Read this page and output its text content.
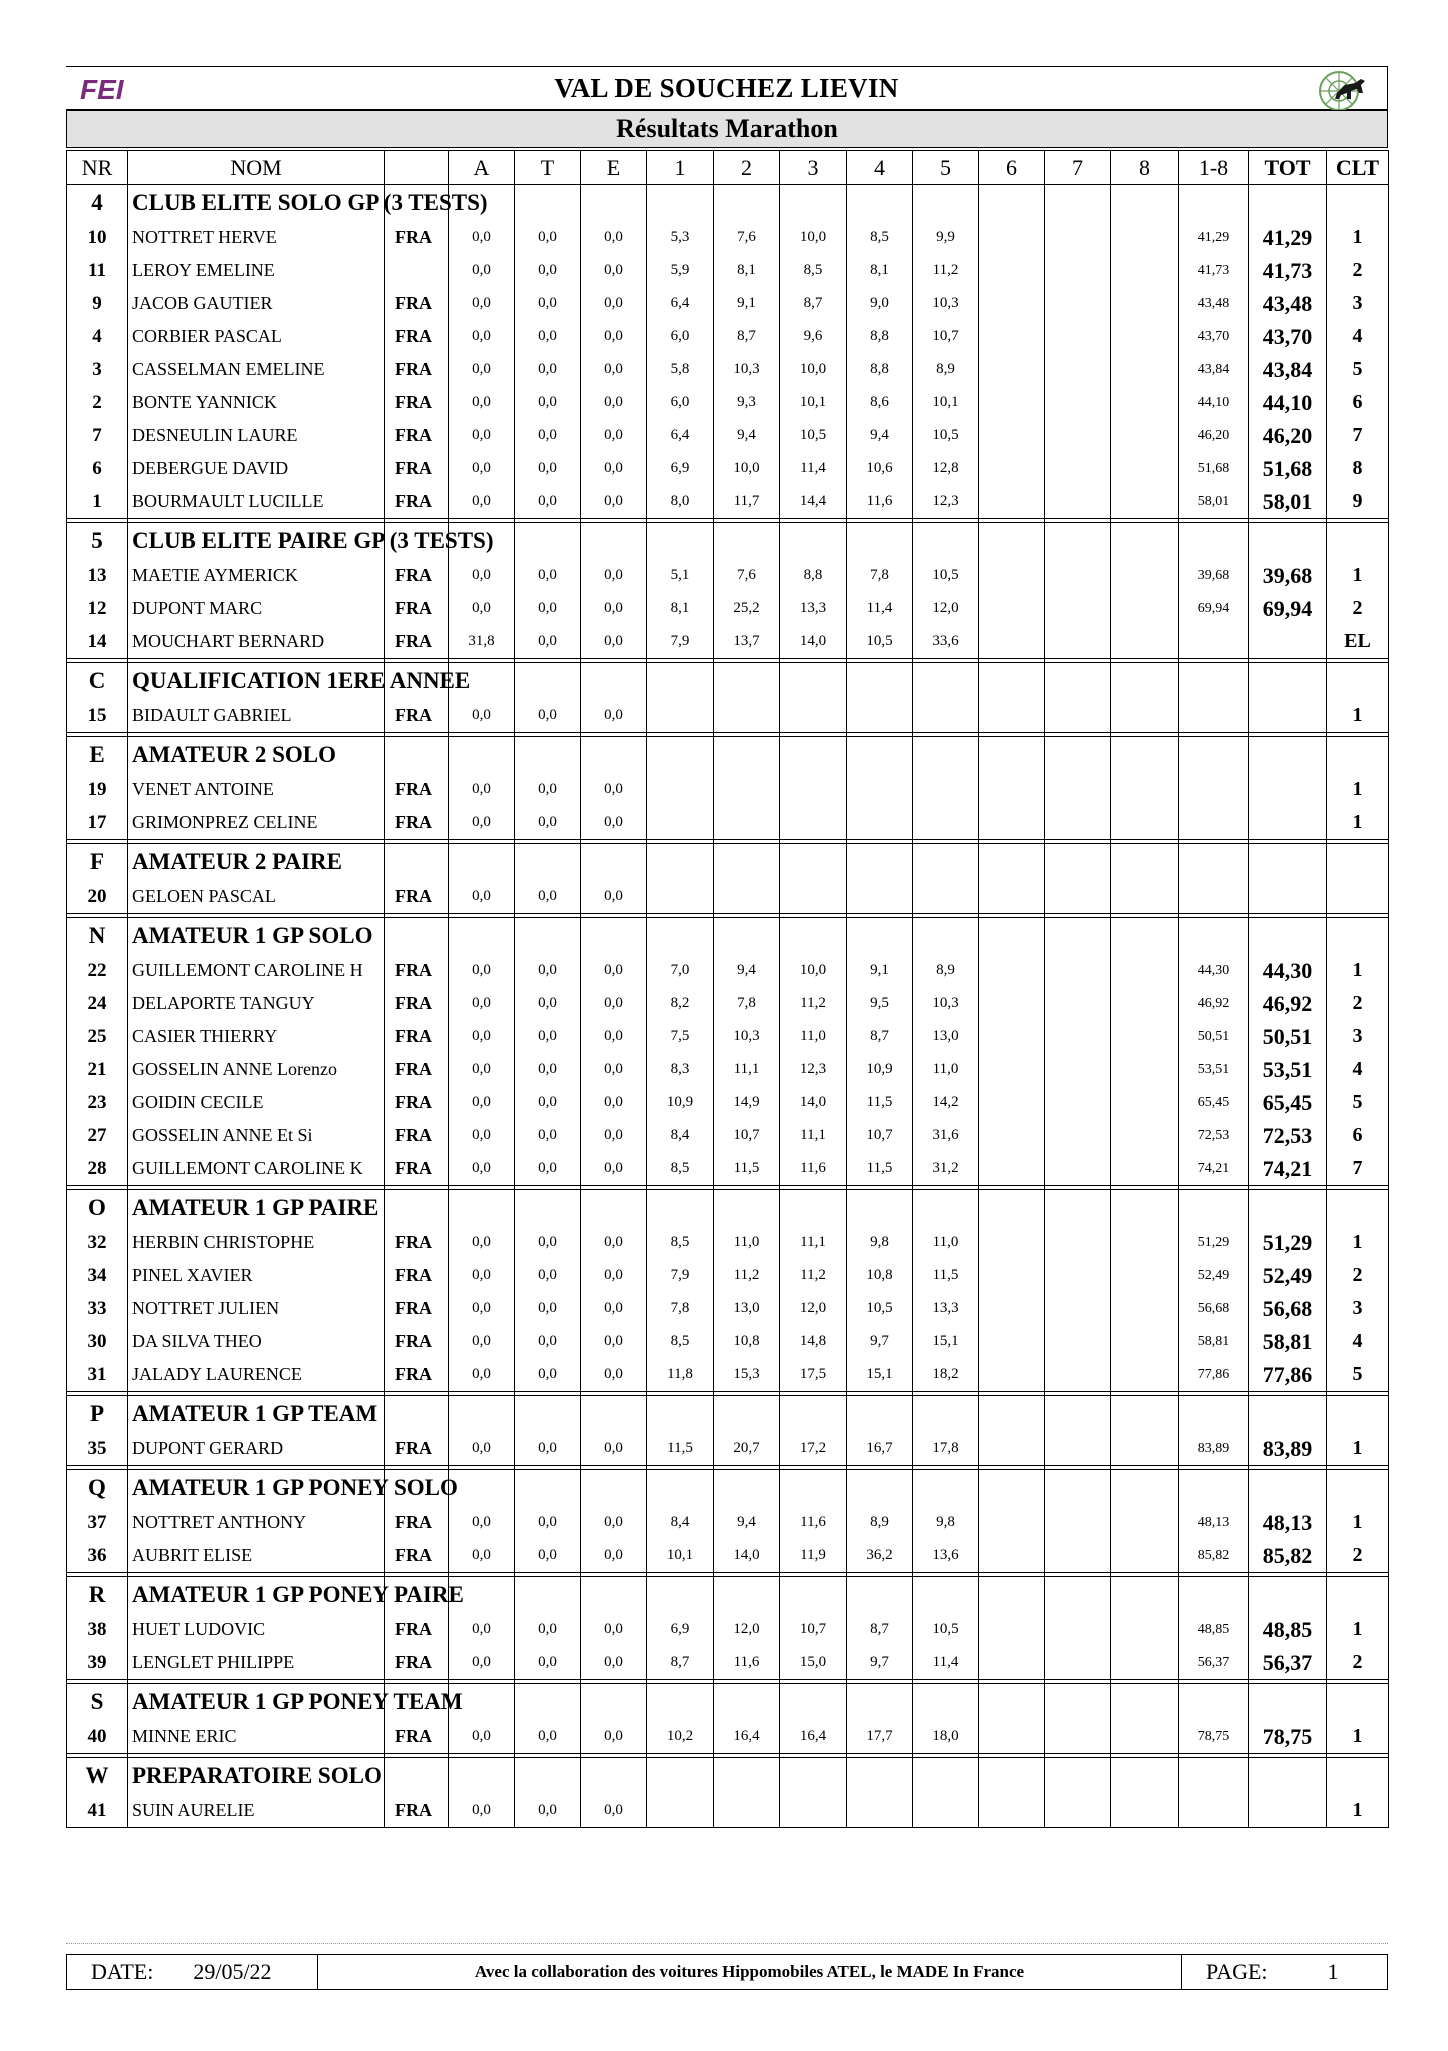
FEI	VAL DE SOUCHEZ LIEVIN
Résultats Marathon
NR	NOM		A	T	E	1	2	3	4	5	6	7	8	1-8	TOT	CLT
4	CLUB ELITE SOLO GP (3 TESTS)															

10	NOTTRET HERVE	FRA	0,0	0,0	0,0	5,3	7,6	10,0	8,5	9,9				41,29	41,29	1
11	LEROY EMELINE		0,0	0,0	0,0	5,9	8,1	8,5	8,1	11,2				41,73	41,73	2
9	JACOB GAUTIER	FRA	0,0	0,0	0,0	6,4	9,1	8,7	9,0	10,3				43,48	43,48	3
4	CORBIER PASCAL	FRA	0,0	0,0	0,0	6,0	8,7	9,6	8,8	10,7				43,70	43,70	4
3	CASSELMAN EMELINE	FRA	0,0	0,0	0,0	5,8	10,3	10,0	8,8	8,9				43,84	43,84	5
2	BONTE YANNICK	FRA	0,0	0,0	0,0	6,0	9,3	10,1	8,6	10,1				44,10	44,10	6
7	DESNEULIN LAURE	FRA	0,0	0,0	0,0	6,4	9,4	10,5	9,4	10,5				46,20	46,20	7
6	DEBERGUE DAVID	FRA	0,0	0,0	0,0	6,9	10,0	11,4	10,6	12,8				51,68	51,68	8
1	BOURMAULT LUCILLE	FRA	0,0	0,0	0,0	8,0	11,7	14,4	11,6	12,3				58,01	58,01	9

5	CLUB ELITE PAIRE GP (3 TESTS)															

13	MAETIE AYMERICK	FRA	0,0	0,0	0,0	5,1	7,6	8,8	7,8	10,5				39,68	39,68	1
12	DUPONT MARC	FRA	0,0	0,0	0,0	8,1	25,2	13,3	11,4	12,0				69,94	69,94	2
14	MOUCHART BERNARD	FRA	31,8	0,0	0,0	7,9	13,7	14,0	10,5	33,6						EL

C	QUALIFICATION 1ERE ANNEE															

15	BIDAULT GABRIEL	FRA	0,0	0,0	0,0											1

E	AMATEUR 2 SOLO															

19	VENET ANTOINE	FRA	0,0	0,0	0,0											1
17	GRIMONPREZ CELINE	FRA	0,0	0,0	0,0											1

F	AMATEUR 2 PAIRE															

20	GELOEN PASCAL	FRA	0,0	0,0	0,0											

N	AMATEUR 1 GP SOLO															

22	GUILLEMONT CAROLINE H	FRA	0,0	0,0	0,0	7,0	9,4	10,0	9,1	8,9				44,30	44,30	1
24	DELAPORTE TANGUY	FRA	0,0	0,0	0,0	8,2	7,8	11,2	9,5	10,3				46,92	46,92	2
25	CASIER THIERRY	FRA	0,0	0,0	0,0	7,5	10,3	11,0	8,7	13,0				50,51	50,51	3
21	GOSSELIN ANNE Lorenzo	FRA	0,0	0,0	0,0	8,3	11,1	12,3	10,9	11,0				53,51	53,51	4
23	GOIDIN CECILE	FRA	0,0	0,0	0,0	10,9	14,9	14,0	11,5	14,2				65,45	65,45	5
27	GOSSELIN ANNE Et Si	FRA	0,0	0,0	0,0	8,4	10,7	11,1	10,7	31,6				72,53	72,53	6
28	GUILLEMONT CAROLINE K	FRA	0,0	0,0	0,0	8,5	11,5	11,6	11,5	31,2				74,21	74,21	7

O	AMATEUR 1 GP PAIRE															

32	HERBIN CHRISTOPHE	FRA	0,0	0,0	0,0	8,5	11,0	11,1	9,8	11,0				51,29	51,29	1
34	PINEL XAVIER	FRA	0,0	0,0	0,0	7,9	11,2	11,2	10,8	11,5				52,49	52,49	2
33	NOTTRET JULIEN	FRA	0,0	0,0	0,0	7,8	13,0	12,0	10,5	13,3				56,68	56,68	3
30	DA SILVA THEO	FRA	0,0	0,0	0,0	8,5	10,8	14,8	9,7	15,1				58,81	58,81	4
31	JALADY LAURENCE	FRA	0,0	0,0	0,0	11,8	15,3	17,5	15,1	18,2				77,86	77,86	5

P	AMATEUR 1 GP TEAM															

35	DUPONT GERARD	FRA	0,0	0,0	0,0	11,5	20,7	17,2	16,7	17,8				83,89	83,89	1

Q	AMATEUR 1 GP PONEY SOLO															

37	NOTTRET ANTHONY	FRA	0,0	0,0	0,0	8,4	9,4	11,6	8,9	9,8				48,13	48,13	1
36	AUBRIT ELISE	FRA	0,0	0,0	0,0	10,1	14,0	11,9	36,2	13,6				85,82	85,82	2

R	AMATEUR 1 GP PONEY PAIRE															

38	HUET LUDOVIC	FRA	0,0	0,0	0,0	6,9	12,0	10,7	8,7	10,5				48,85	48,85	1
39	LENGLET PHILIPPE	FRA	0,0	0,0	0,0	8,7	11,6	15,0	9,7	11,4				56,37	56,37	2

S	AMATEUR 1 GP PONEY TEAM															

40	MINNE ERIC	FRA	0,0	0,0	0,0	10,2	16,4	16,4	17,7	18,0				78,75	78,75	1

W	PREPARATOIRE SOLO															

41	SUIN AURELIE	FRA	0,0	0,0	0,0											1
DATE: 29/05/22	Avec la collaboration des voitures Hippomobiles ATEL, le MADE In France	PAGE:	1
